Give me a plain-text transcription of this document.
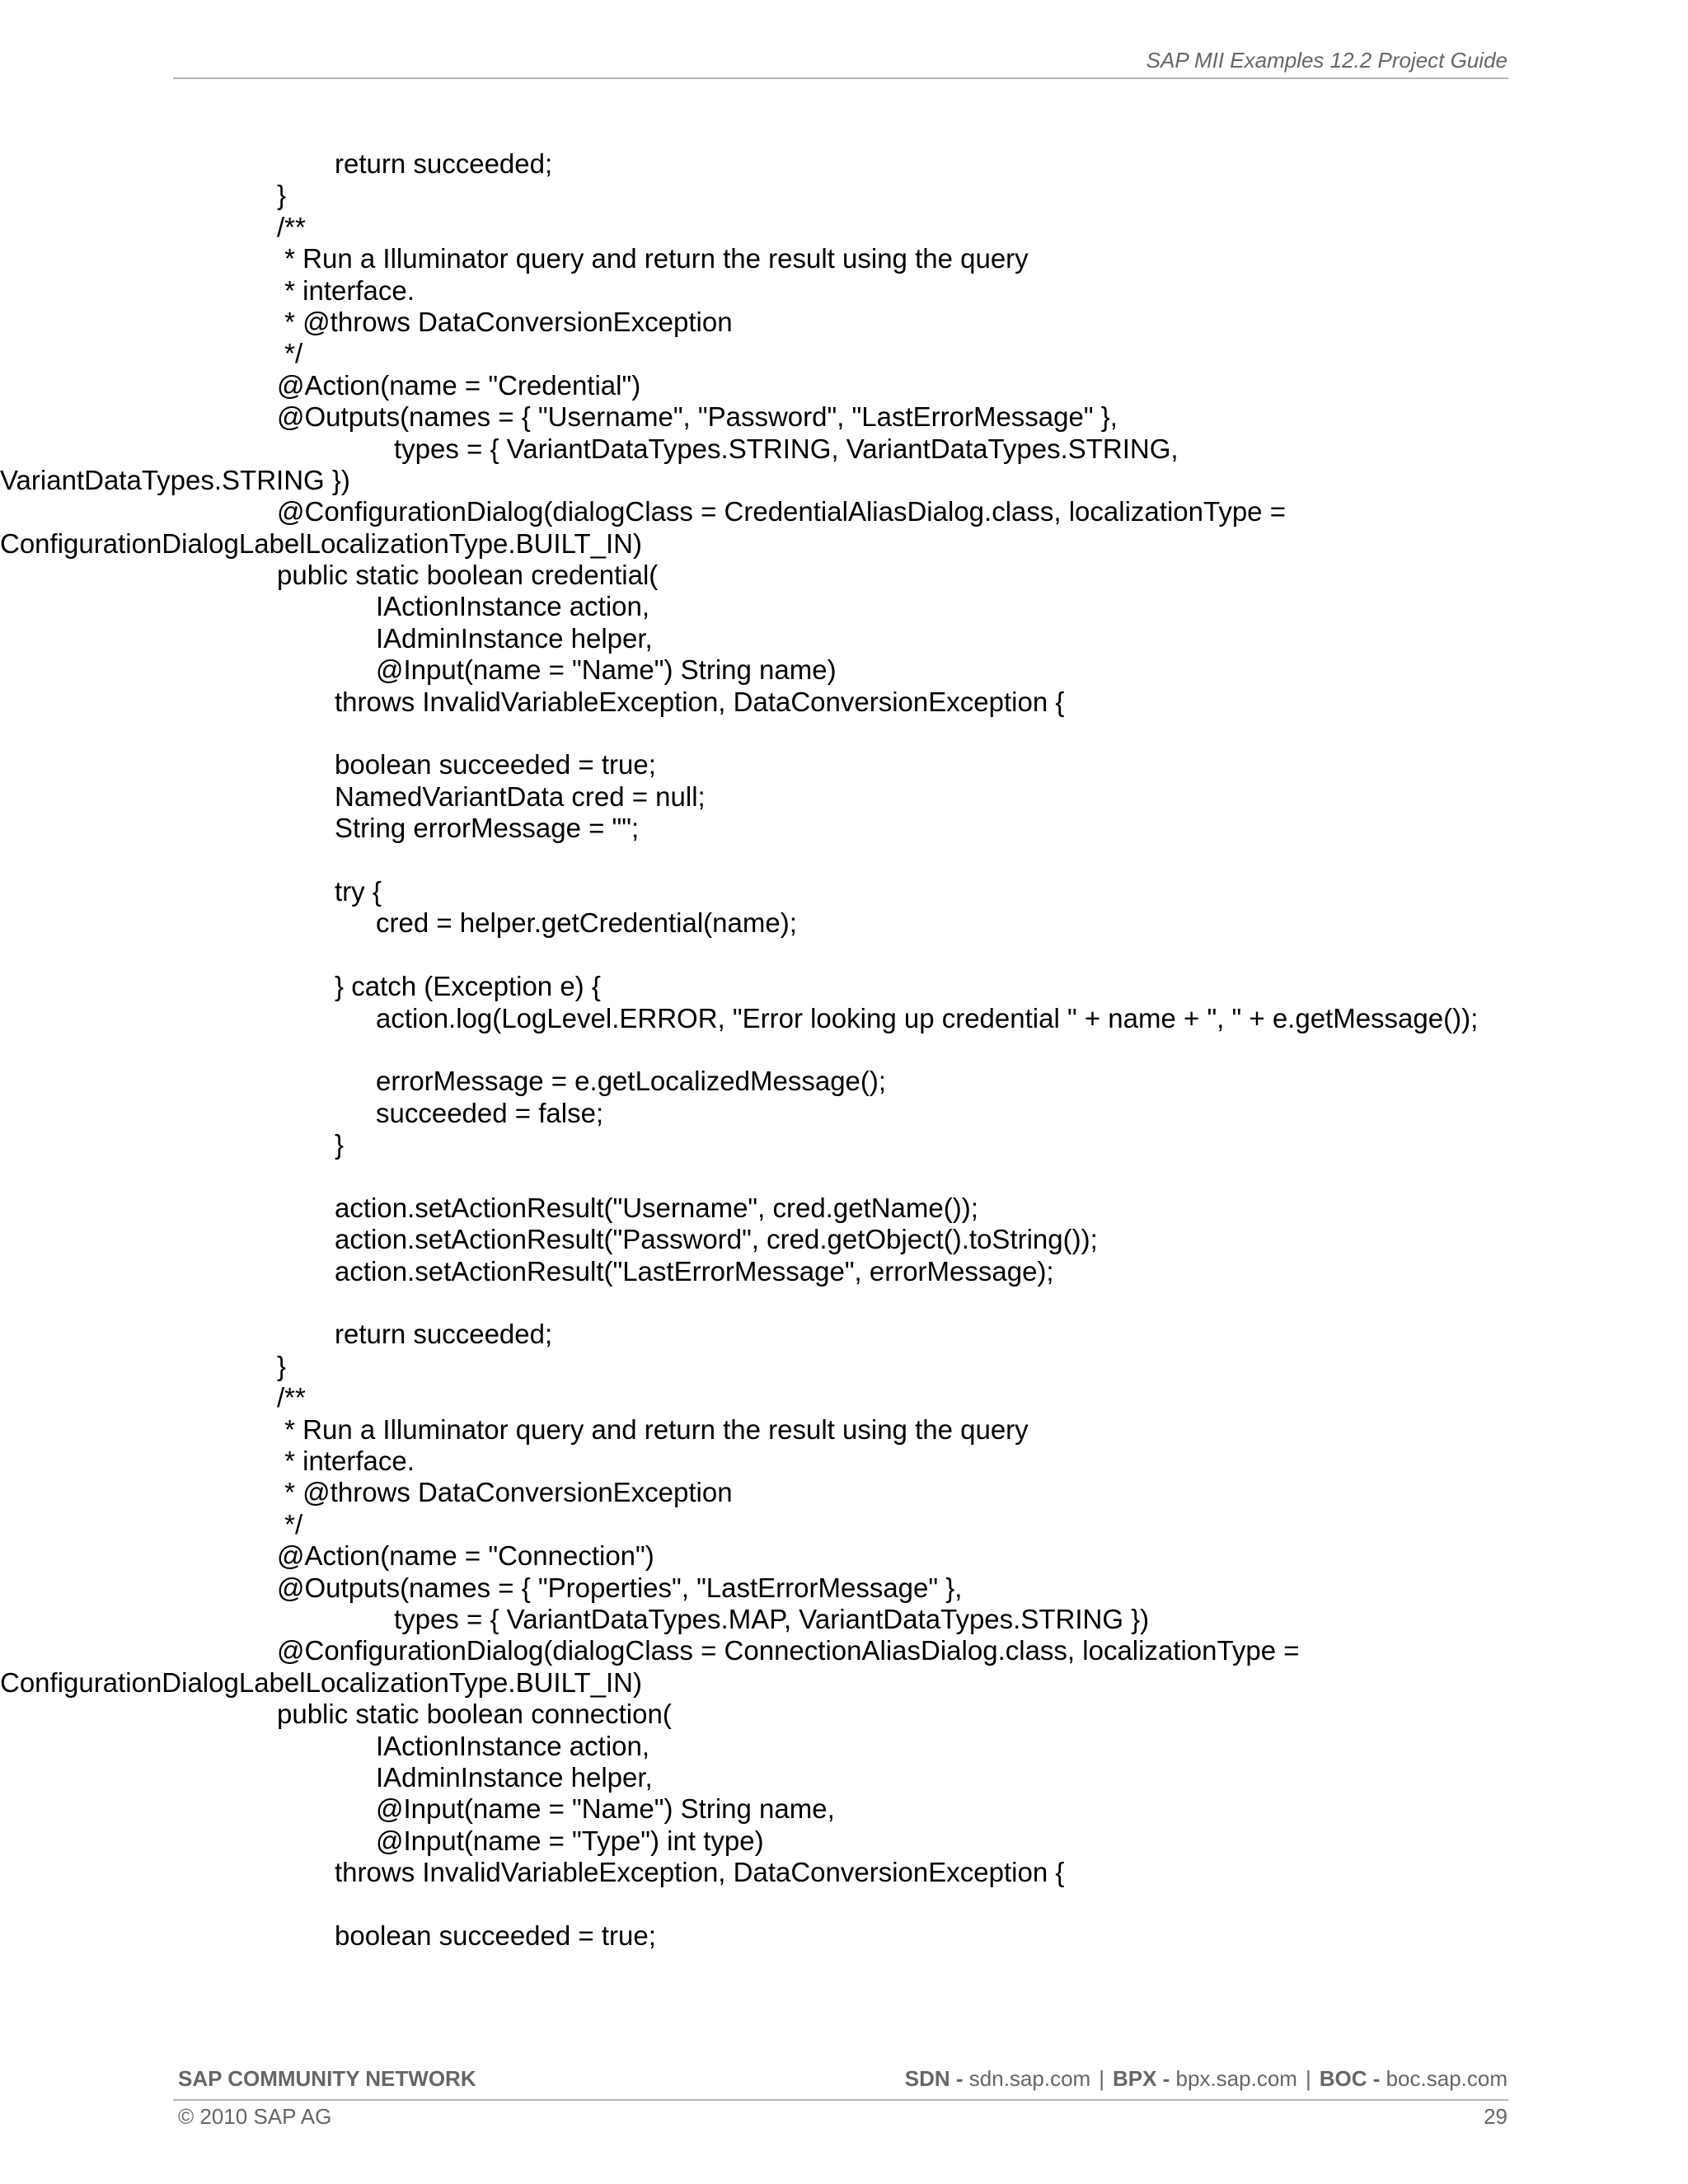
SAP MII Examples 12.2 Project Guide
return succeeded;
}
/**
* Run a Illuminator query and return the result using the query
* interface.
* @throws DataConversionException
*/
@Action(name = "Credential")
@Outputs(names = { "Username", "Password", "LastErrorMessage" },
types = { VariantDataTypes.STRING, VariantDataTypes.STRING,
VariantDataTypes.STRING })
@ConfigurationDialog(dialogClass = CredentialAliasDialog.class, localizationType =
ConfigurationDialogLabelLocalizationType.BUILT_IN)
public static boolean credential(
IActionInstance action,
IAdminInstance helper,
@Input(name = "Name") String name)
throws InvalidVariableException, DataConversionException {
boolean succeeded = true;
NamedVariantData cred = null;
String errorMessage = "";
try {
cred = helper.getCredential(name);
} catch (Exception e) {
action.log(LogLevel.ERROR, "Error looking up credential " + name + ", " + e.getMessage());
errorMessage = e.getLocalizedMessage();
succeeded = false;
}
action.setActionResult("Username", cred.getName());
action.setActionResult("Password", cred.getObject().toString());
action.setActionResult("LastErrorMessage", errorMessage);
return succeeded;
}
/**
* Run a Illuminator query and return the result using the query
* interface.
* @throws DataConversionException
*/
@Action(name = "Connection")
@Outputs(names = { "Properties", "LastErrorMessage" },
types = { VariantDataTypes.MAP, VariantDataTypes.STRING })
@ConfigurationDialog(dialogClass = ConnectionAliasDialog.class, localizationType =
ConfigurationDialogLabelLocalizationType.BUILT_IN)
public static boolean connection(
IActionInstance action,
IAdminInstance helper,
@Input(name = "Name") String name,
@Input(name = "Type") int type)
throws InvalidVariableException, DataConversionException {
boolean succeeded = true;
SAP COMMUNITY NETWORK	SDN - sdn.sap.com | BPX - bpx.sap.com | BOC - boc.sap.com
© 2010 SAP AG	29
